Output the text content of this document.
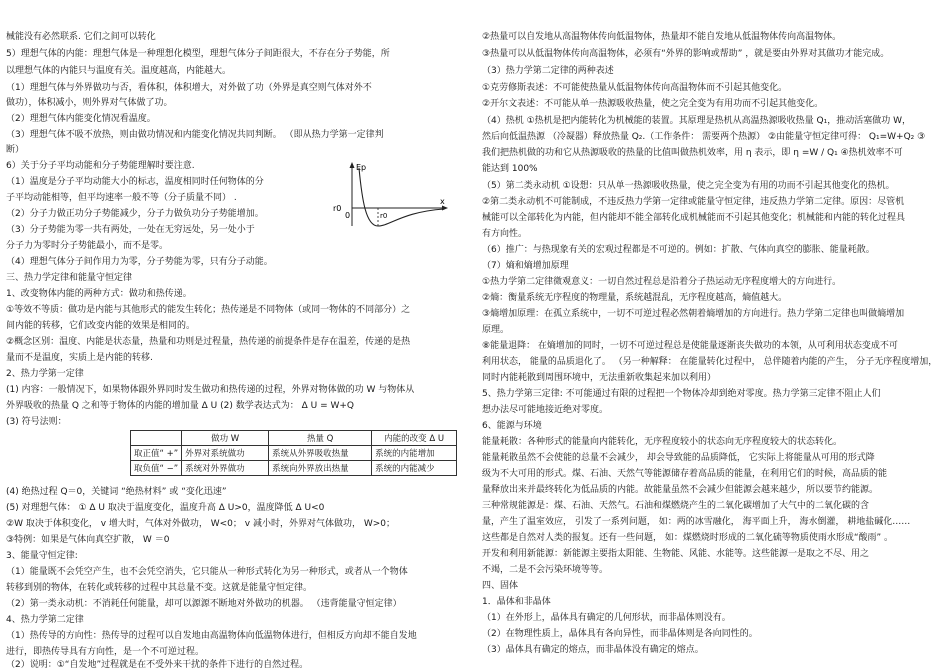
械能没有必然联系. 它们之间可以转化
5）理想气体的内能：理想气体是一种理想化模型，理想气体分子间距很大，不存在分子势能，所
以理想气体的内能只与温度有关。温度越高，内能越大。
（1）理想气体与外界做功与否，看体积，体积增大，对外做了功（外界是真空则气体对外不
做功），体积减小，则外界对气体做了功。
（2）理想气体内能变化情况看温度。
（3）理想气体不吸不放热，则由做功情况和内能变化情况共同判断。 （即从热力学第一定律判
断）
6）关于分子平均动能和分子势能理解时要注意.
（1）温度是分子平均动能大小的标志，温度相同时任何物体的分
子平均动能相等，但平均速率一般不等（分子质量不同） .
（2）分子力做正功分子势能减少，分子力做负功分子势能增加。
（3）分子势能为零一共有两处，一处在无穷远处，另一处小于
分子力为零时分子势能最小，而不是零。
（4）理想气体分子间作用力为零，分子势能为零，只有分子动能。
三、热力学定律和能量守恒定律
1、改变物体内能的两种方式：做功和热传递。
①等效不等质：做功是内能与其他形式的能发生转化；热传递是不同物体（或同一物体的不同部分）之
间内能的转移，它们改变内能的效果是相同的。
②概念区别：温度、内能是状态量，热量和功则是过程量，热传递的前提条件是存在温差，传递的是热
量而不是温度，实质上是内能的转移.
2、热力学第一定律
(1) 内容：一般情况下，如果物体跟外界同时发生做功和热传递的过程，外界对物体做的功 W 与物体从
外界吸收的热量 Q 之和等于物体的内能的增加量 Δ U (2) 数学表达式为： Δ U = W+Q
(3) 符号法则：
	做功 W	热量 Q	内能的改变 Δ U
取正值“ +”	外界对系统做功	系统从外界吸收热量	系统的内能增加
取负值“ −”	系统对外界做功	系统向外界放出热量	系统的内能减少
(4) 绝热过程 Q＝0，关键词 “绝热材料” 或 “变化迅速”
(5) 对理想气体： ① Δ U 取决于温度变化，温度升高 Δ U>0，温度降低 Δ U<0
②W 取决于体积变化， v 增大时，气体对外做功， W<0； v 减小时，外界对气体做功， W>0；
③特例：如果是气体向真空扩散， W ＝0
3、能量守恒定律:
（1）能量既不会凭空产生，也不会凭空消失，它只能从一种形式转化为另一种形式，或者从一个物体
转移到别的物体，在转化或转移的过程中其总量不变。这就是能量守恒定律。
（2）第一类永动机：不消耗任何能量，却可以源源不断地对外做功的机器。 （违背能量守恒定律）
4、热力学第二定律
（1）热传导的方向性：热传导的过程可以自发地由高温物体向低温物体进行，但相反方向却不能自发地
进行，即热传导具有方向性，是一个不可逆过程。
（2）说明：①“自发地”过程就是在不受外来干扰的条件下进行的自然过程。
Ep
x
0
r0
r0
②热量可以自发地从高温物体传向低温物体，热量却不能自发地从低温物体传向高温物体。
③热量可以从低温物体传向高温物体，必须有“外界的影响或帮助” ，就是要由外界对其做功才能完成。
（3）热力学第二定律的两种表述
①克劳修斯表述：不可能使热量从低温物体传向高温物体而不引起其他变化。
②开尔文表述：不可能从单一热源吸收热量，使之完全变为有用功而不引起其他变化。
（4）热机 ①热机是把内能转化为机械能的装置。其原理是热机从高温热源吸收热量 Q₁，推动活塞做功 W，
然后向低温热源 （冷凝器）释放热量 Q₂.（工作条件： 需要两个热源） ②由能量守恒定律可得： Q₁=W+Q₂ ③
我们把热机做的功和它从热源吸收的热量的比值叫做热机效率，用 η 表示，即 η =W / Q₁ ④热机效率不可
能达到 100%
（5）第二类永动机 ①设想：只从单一热源吸收热量，使之完全变为有用的功而不引起其他变化的热机。
②第二类永动机不可能制成，不违反热力学第一定律或能量守恒定律，违反热力学第二定律。原因：尽管机
械能可以全部转化为内能，但内能却不能全部转化成机械能而不引起其他变化；机械能和内能的转化过程具
有方向性。
（6）推广：与热现象有关的宏观过程都是不可逆的。例如：扩散、气体向真空的膨胀、能量耗散。
（7）熵和熵增加原理
①热力学第二定律微观意义：一切自然过程总是沿着分子热运动无序程度增大的方向进行。
②熵：衡量系统无序程度的物理量，系统越混乱，无序程度越高，熵值越大。
③熵增加原理：在孤立系统中，一切不可逆过程必然朝着熵增加的方向进行。热力学第二定律也叫做熵增加
原理。
⑧能量退降： 在熵增加的同时，一切不可逆过程总是使能量逐渐丧失做功的本领，从可利用状态变成不可
利用状态， 能量的品质退化了。 （另一种解释： 在能量转化过程中， 总伴随着内能的产生， 分子无序程度增加，
同时内能耗散到周围环境中，无法重新收集起来加以利用）
5、热力学第三定律: 不可能通过有限的过程把一个物体冷却到绝对零度。热力学第三定律不阻止人们
想办法尽可能地接近绝对零度。
6、能源与环境
能量耗散：各种形式的能量向内能转化，无序程度较小的状态向无序程度较大的状态转化。
能量耗散虽然不会使能的总量不会减少， 却会导致能的品质降低， 它实际上将能量从可用的形式降
级为不大可用的形式。煤、石油、天然气等能源储存着高品质的能量，在利用它们的时候，高品质的能
量释放出来并最终转化为低品质的内能。故能量虽然不会减少但能源会越来越少，所以要节约能源。
三种常规能源是：煤、石油、天然气。石油和煤燃烧产生的二氧化碳增加了大气中的二氧化碳的含
量，产生了温室效应， 引发了一系列问题， 如：两的冰雪融化， 海平面上升， 海水倒灌， 耕地盐碱化……
这些都是自然对人类的报复。还有一些问题， 如：煤燃烧时形成的二氧化硫等物质使雨水形成“酸雨” 。
开发和利用新能源：新能源主要指太阳能、生物能、风能、水能等。这些能源一是取之不尽、用之
不竭，二是不会污染环境等等。
四、固体
1．晶体和非晶体
（1）在外形上，晶体具有确定的几何形状，而非晶体则没有。
（2）在物理性质上，晶体具有各向异性，而非晶体则是各向同性的。
（3）晶体具有确定的熔点，而非晶体没有确定的熔点。
